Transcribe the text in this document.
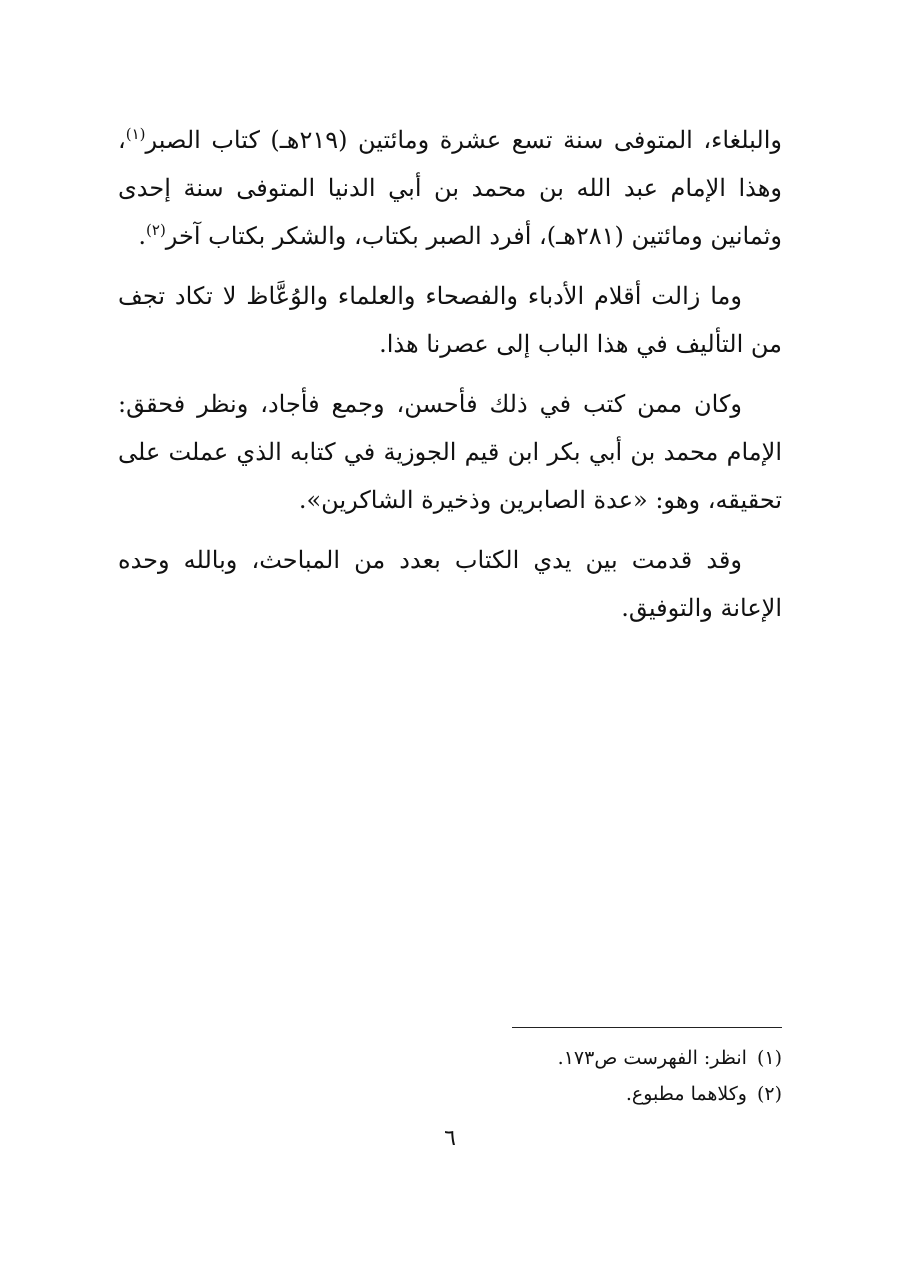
والبلغاء، المتوفى سنة تسع عشرة ومائتين (٢١٩هـ) كتاب الصبر$^{(١)}$، وهذا الإمام عبد الله بن محمد بن أبي الدنيا المتوفى سنة إحدى وثمانين ومائتين (٢٨١هـ)، أفرد الصبر بكتاب، والشكر بكتاب آخر$^{(٢)}$.

وما زالت أقلام الأدباء والفصحاء والعلماء والوُعَّاظ لا تكاد تجف من التأليف في هذا الباب إلى عصرنا هذا.

وكان ممن كتب في ذلك فأحسن، وجمع فأجاد، ونظر فحقق: الإمام محمد بن أبي بكر ابن قيم الجوزية في كتابه الذي عملت على تحقيقه، وهو: «عدة الصابرين وذخيرة الشاكرين».

وقد قدمت بين يدي الكتاب بعدد من المباحث، وبالله وحده الإعانة والتوفيق.

(١)انظر: الفهرست ص١٧٣.

(٢)وكلاهما مطبوع.

٦
